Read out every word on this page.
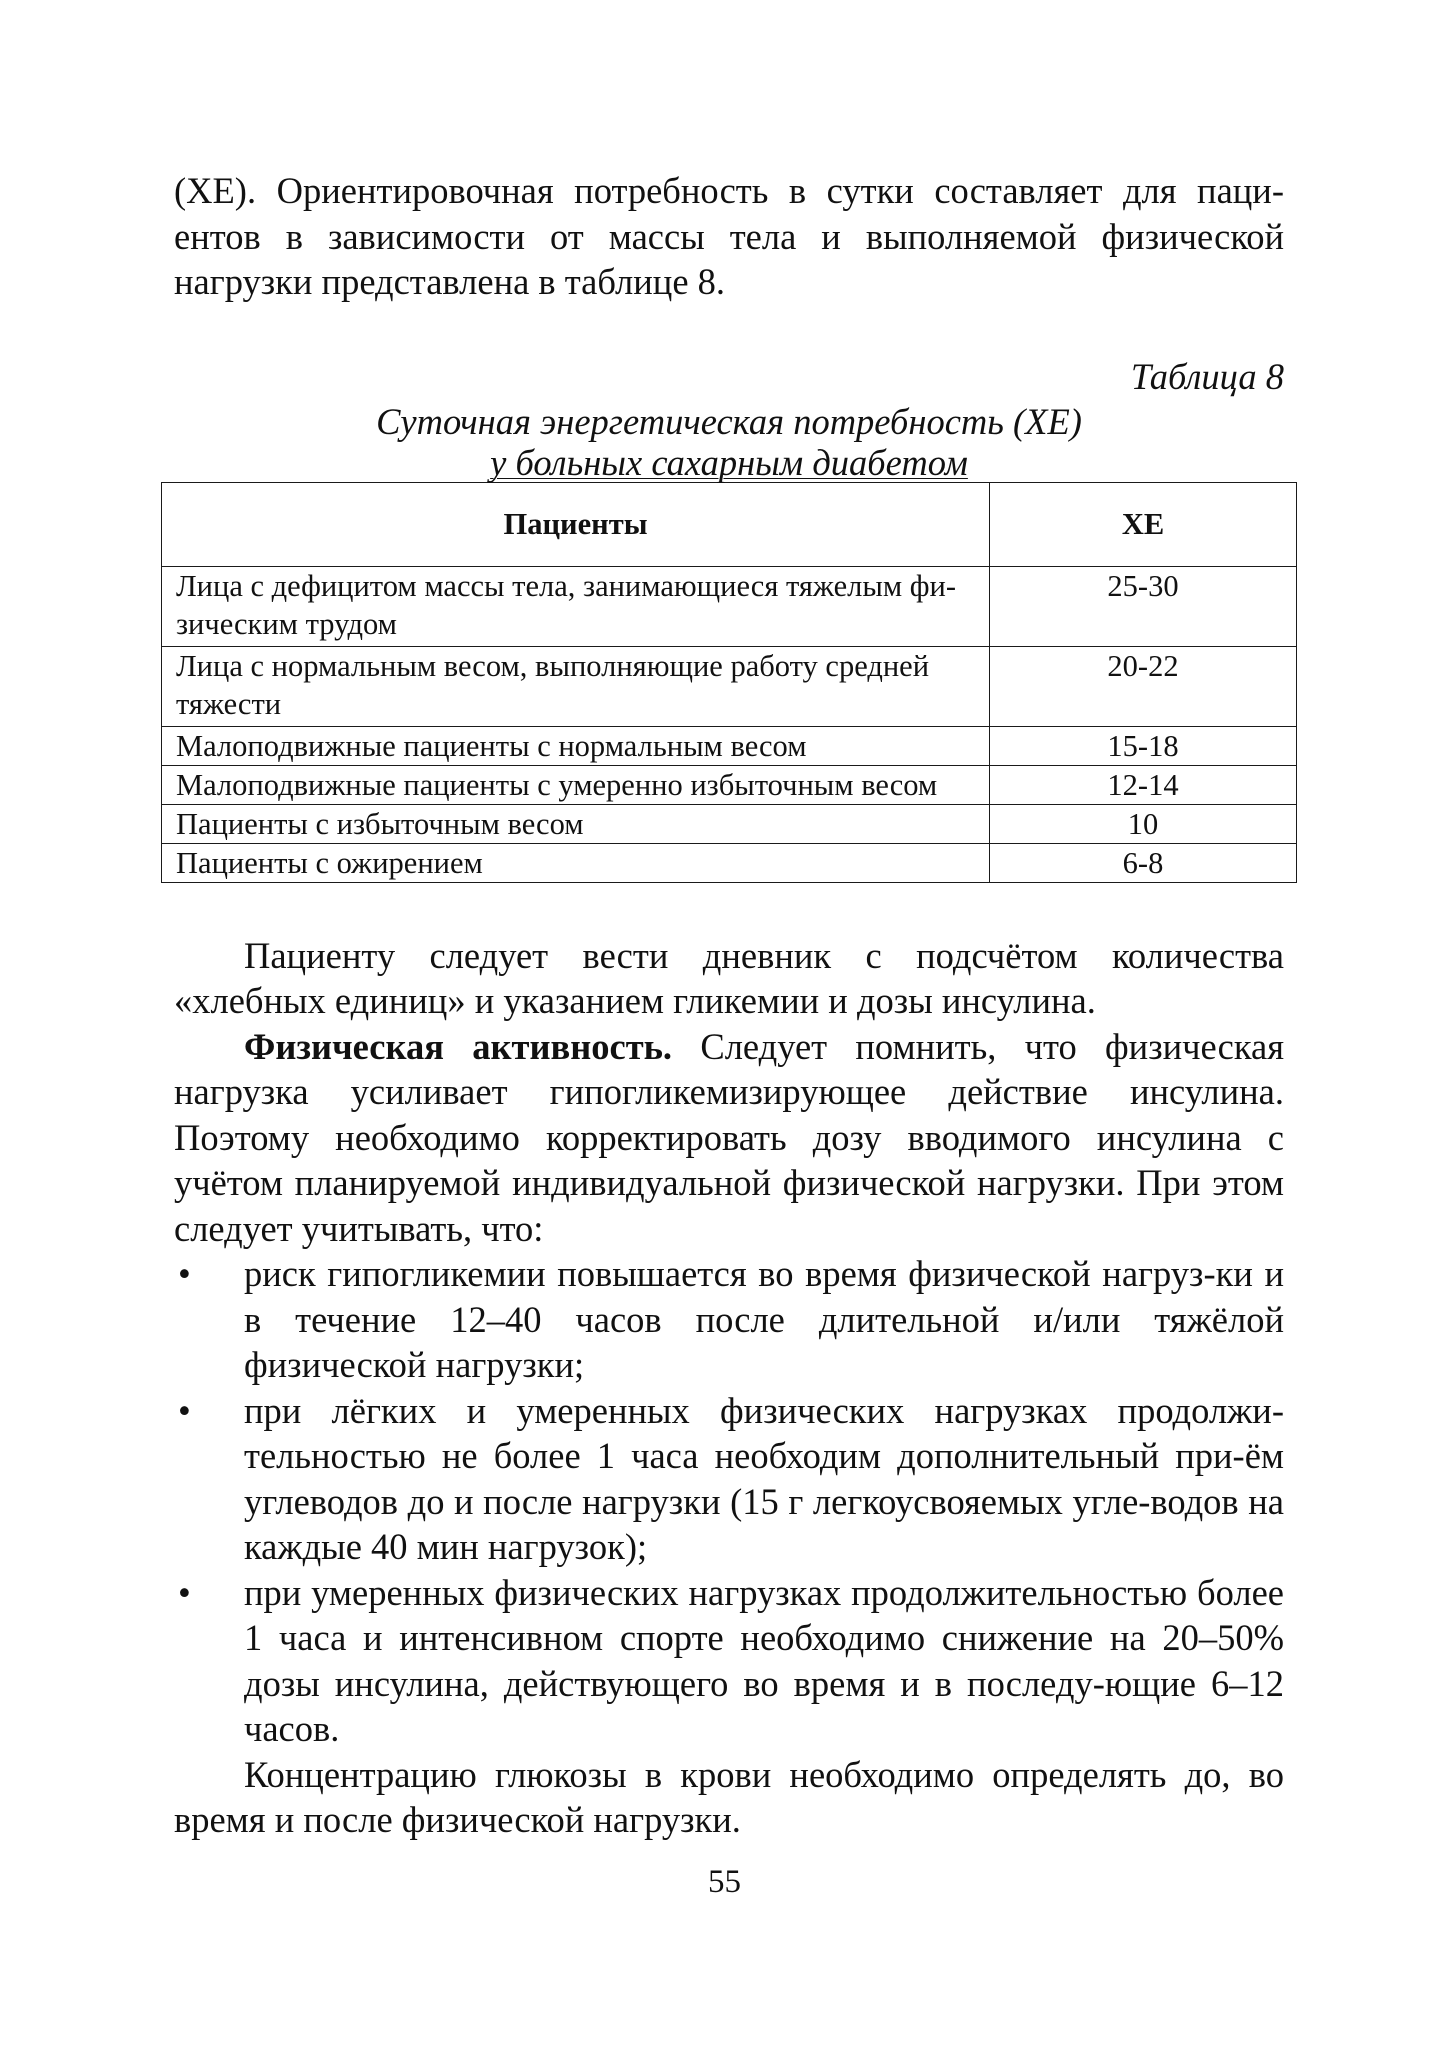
(ХЕ). Ориентировочная потребность в сутки составляет для паци-ентов в зависимости от массы тела и выполняемой физической нагрузки представлена в таблице 8.

Таблица 8
Суточная энергетическая потребность (ХЕ)
у больных сахарным диабетом
Пациенты	ХЕ
Лица с дефицитом массы тела, занимающиеся тяжелым фи-зическим трудом	25-30
Лица с нормальным весом, выполняющие работу средней тяжести	20-22
Малоподвижные пациенты с нормальным весом	15-18
Малоподвижные пациенты с умеренно избыточным весом	12-14
Пациенты с избыточным весом	10
Пациенты с ожирением	6-8

Пациенту следует вести дневник с подсчётом количества «хлебных единиц» и указанием гликемии и дозы инсулина.

Физическая активность. Следует помнить, что физическая нагрузка усиливает гипогликемизирующее действие инсулина. Поэтому необходимо корректировать дозу вводимого инсулина с учётом планируемой индивидуальной физической нагрузки. При этом следует учитывать, что:

• риск гипогликемии повышается во время физической нагруз-ки и в течение 12–40 часов после длительной и/или тяжёлой физической нагрузки;
• при лёгких и умеренных физических нагрузках продолжи-тельностью не более 1 часа необходим дополнительный при-ём углеводов до и после нагрузки (15 г легкоусвояемых угле-водов на каждые 40 мин нагрузок);
• при умеренных физических нагрузках продолжительностью более 1 часа и интенсивном спорте необходимо снижение на 20–50% дозы инсулина, действующего во время и в последу-ющие 6–12 часов.

Концентрацию глюкозы в крови необходимо определять до, во время и после физической нагрузки.

55
